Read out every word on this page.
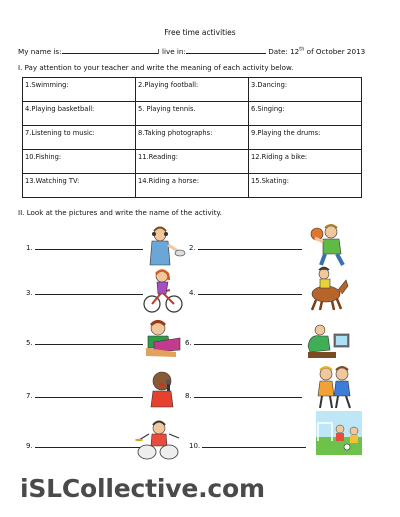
Free time activities
My name is:	I live in:	Date: 12th of October 2013
I. Pay attention to your teacher and write the meaning of each activity below.
1.Swimming:	2.Playing football:	3.Dancing:
4.Playing basketball:	5. Playing tennis.	6.Singing:
7.Listening to music:	8.Taking photographs:	9.Playing the drums:
10.Fishing:	11.Reading:	12.Riding a bike:
13.Watching TV:	14.Riding a horse:	15.Skating:
II. Look at the pictures and write the name of the activity.
1.	2.
3.	4.
5.	6.
7.	8.
9.	10.
iSLCollective.com
